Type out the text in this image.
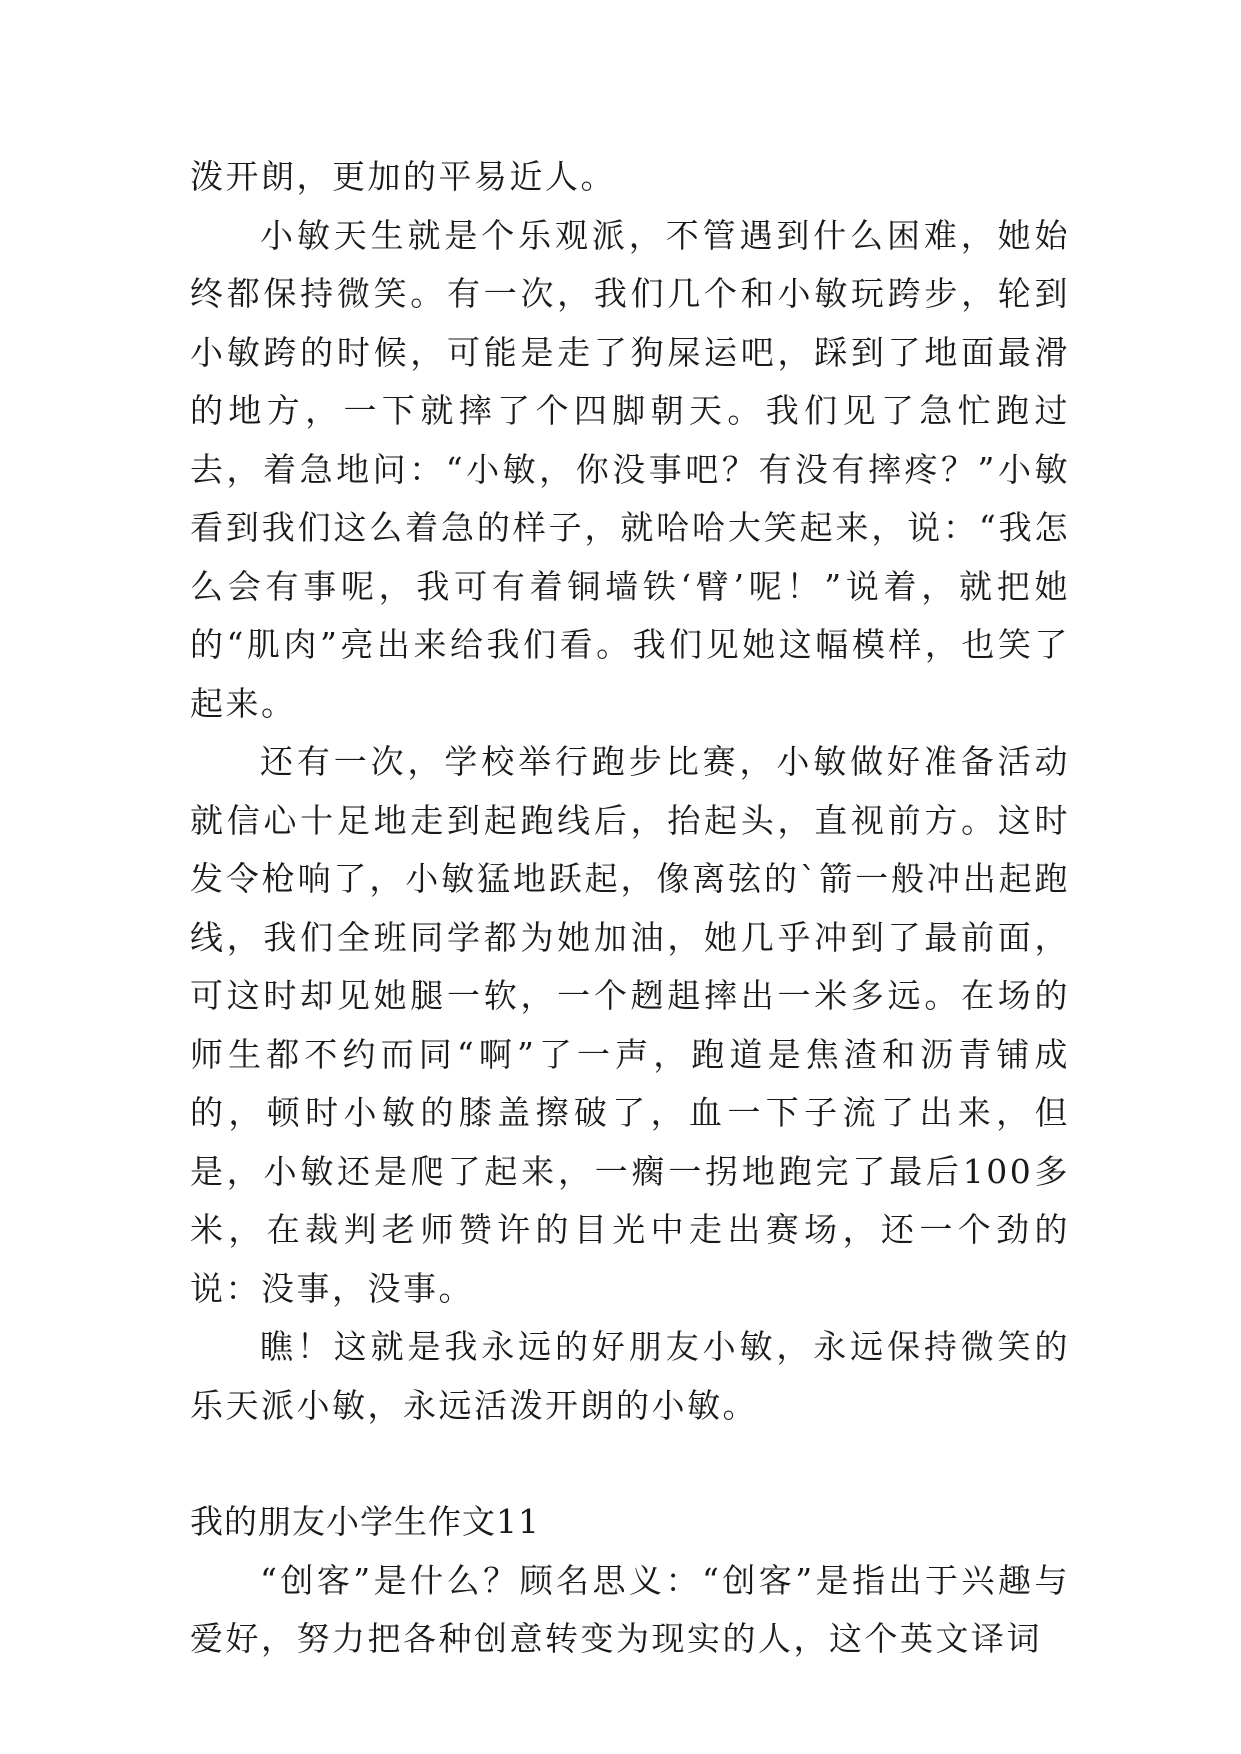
泼开朗，更加的平易近人。

小敏天生就是个乐观派，不管遇到什么困难，她始终都保持微笑。有一次，我们几个和小敏玩跨步，轮到小敏跨的时候，可能是走了狗屎运吧，踩到了地面最滑的地方，一下就摔了个四脚朝天。我们见了急忙跑过去，着急地问：“小敏，你没事吧？有没有摔疼？”小敏看到我们这么着急的样子，就哈哈大笑起来，说：“我怎么会有事呢，我可有着铜墙铁‘臂’呢！”说着，就把她的“肌肉”亮出来给我们看。我们见她这幅模样，也笑了起来。

还有一次，学校举行跑步比赛，小敏做好准备活动就信心十足地走到起跑线后，抬起头，直视前方。这时发令枪响了，小敏猛地跃起，像离弦的`箭一般冲出起跑线，我们全班同学都为她加油，她几乎冲到了最前面，可这时却见她腿一软，一个趔趄摔出一米多远。在场的师生都不约而同“啊”了一声，跑道是焦渣和沥青铺成的，顿时小敏的膝盖擦破了，血一下子流了出来，但是，小敏还是爬了起来，一瘸一拐地跑完了最后100多米，在裁判老师赞许的目光中走出赛场，还一个劲的说：没事，没事。

瞧！这就是我永远的好朋友小敏，永远保持微笑的乐天派小敏，永远活泼开朗的小敏。

我的朋友小学生作文11

“创客”是什么？顾名思义：“创客”是指出于兴趣与爱好，努力把各种创意转变为现实的人，这个英文译词
